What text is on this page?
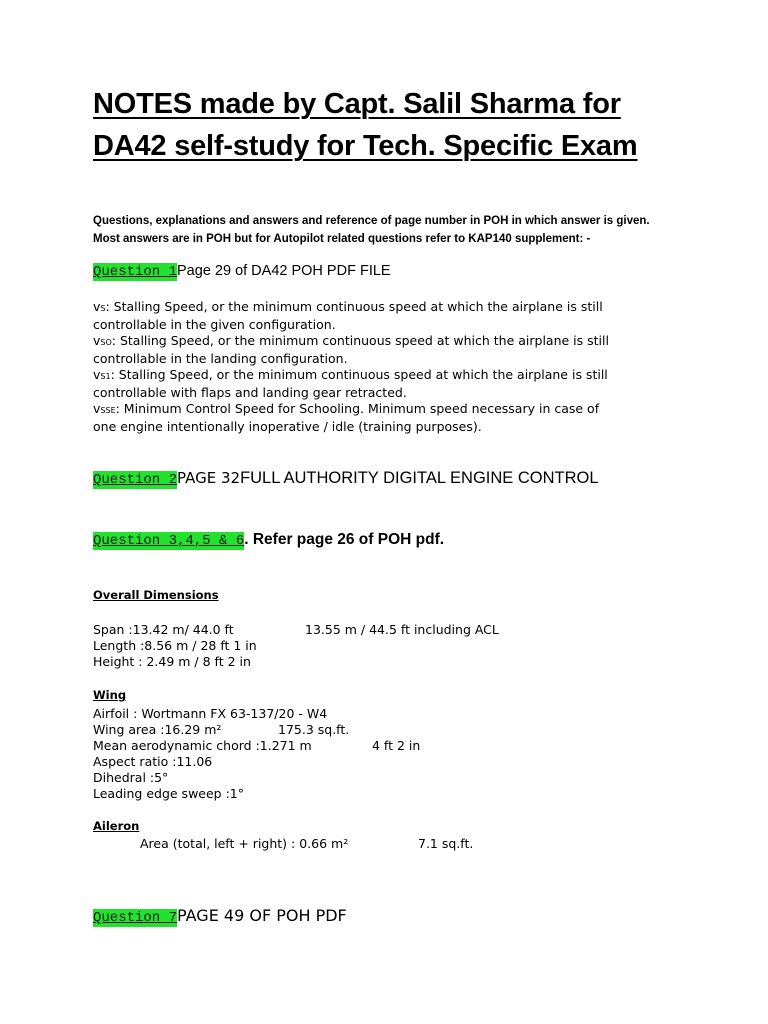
NOTES made by Capt. Salil Sharma for
DA42 self-study for Tech. Specific Exam
Questions, explanations and answers and reference of page number in POH in which answer is given.
Most answers are in POH but for Autopilot related questions refer to KAP140 supplement: -
Question 1 Page 29 of DA42 POH PDF FILE
vS: Stalling Speed, or the minimum continuous speed at which the airplane is still
controllable in the given configuration.
vSO: Stalling Speed, or the minimum continuous speed at which the airplane is still
controllable in the landing configuration.
vS1: Stalling Speed, or the minimum continuous speed at which the airplane is still
controllable with flaps and landing gear retracted.
vSSE: Minimum Control Speed for Schooling. Minimum speed necessary in case of
one engine intentionally inoperative / idle (training purposes).
Question 2 PAGE 32 FULL AUTHORITY DIGITAL ENGINE CONTROL
Question 3,4,5 & 6 . Refer page 26 of POH pdf.
Overall Dimensions
Span :13.42 m/ 44.0 ft	13.55 m / 44.5 ft including ACL
Length :8.56 m / 28 ft 1 in
Height : 2.49 m / 8 ft 2 in
Wing
Airfoil : Wortmann FX 63-137/20 - W4
Wing area :16.29 m²	175.3 sq.ft.
Mean aerodynamic chord :1.271 m	4 ft 2 in
Aspect ratio :11.06
Dihedral :5°
Leading edge sweep :1°
Aileron
Area (total, left + right) : 0.66 m²	7.1 sq.ft.
Question 7 PAGE 49 OF POH PDF
